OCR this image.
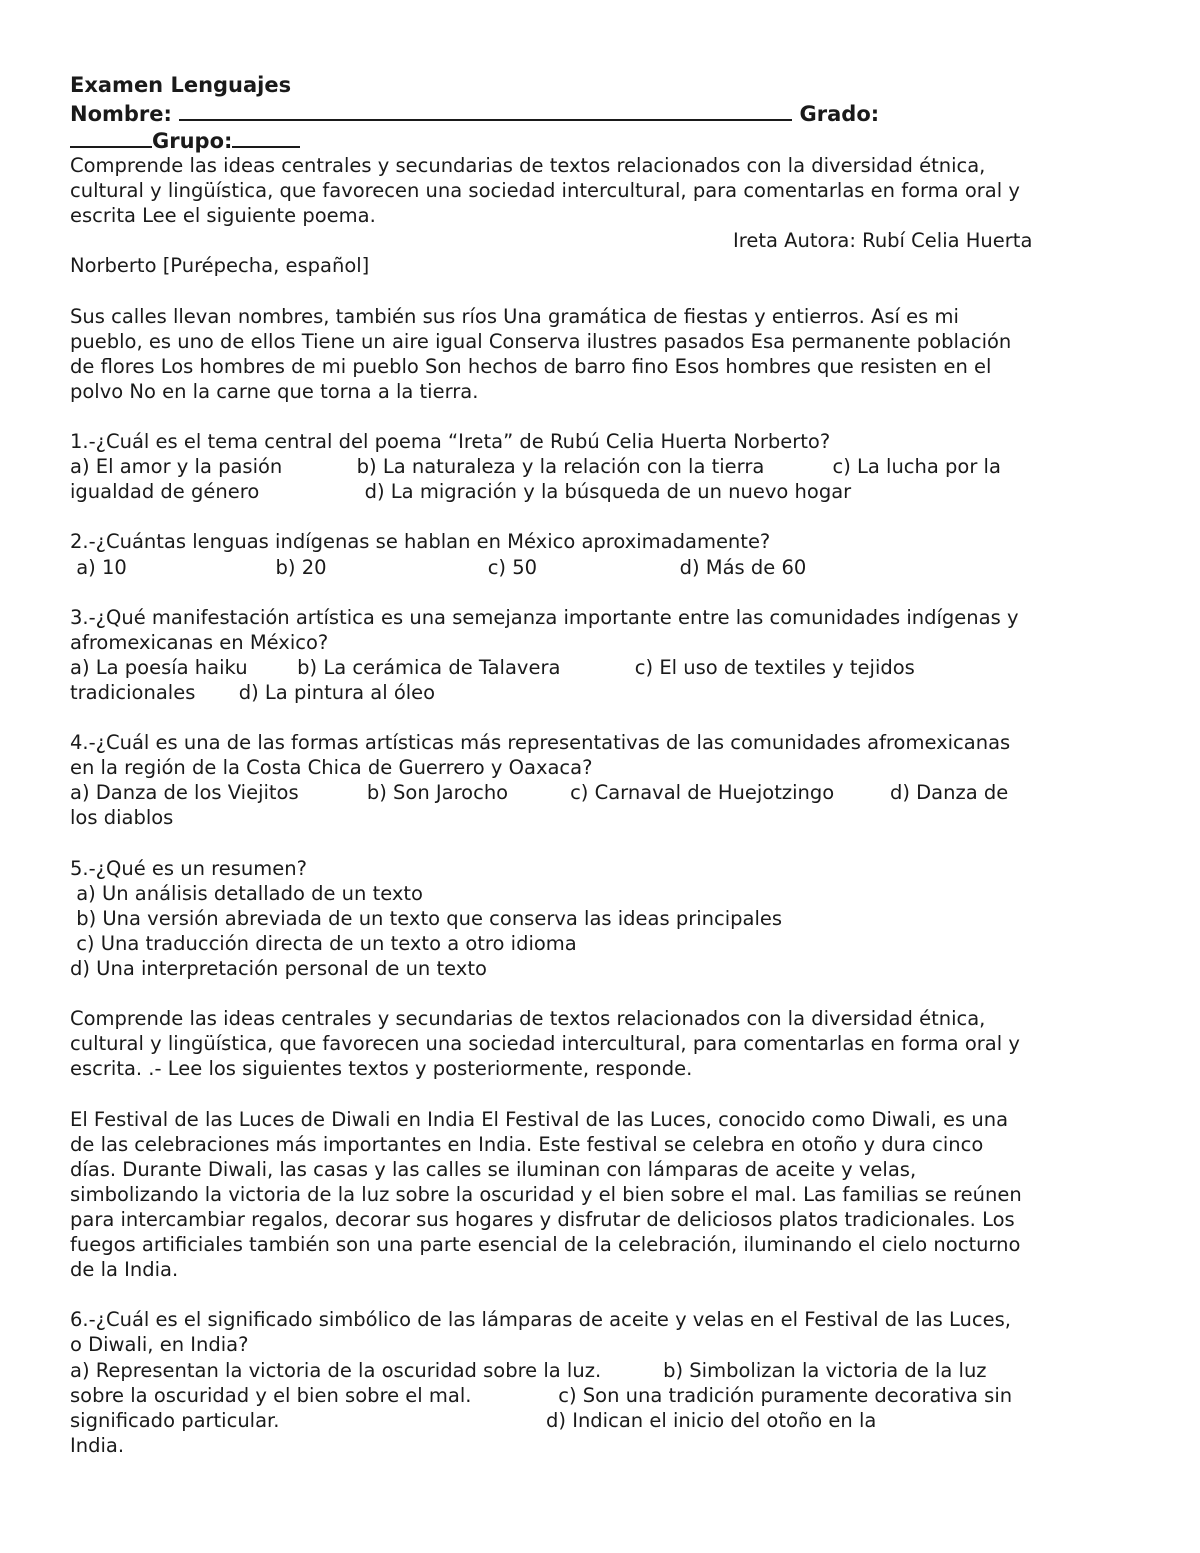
Examen Lenguajes
Nombre:	Grado:
Grupo:
Comprende las ideas centrales y secundarias de textos relacionados con la diversidad étnica,
cultural y lingüística, que favorecen una sociedad intercultural, para comentarlas en forma oral y
escrita Lee el siguiente poema.
Ireta Autora: Rubí Celia Huerta
Norberto [Purépecha, español]
Sus calles llevan nombres, también sus ríos Una gramática de fiestas y entierros. Así es mi
pueblo, es uno de ellos Tiene un aire igual Conserva ilustres pasados Esa permanente población
de flores Los hombres de mi pueblo Son hechos de barro fino Esos hombres que resisten en el
polvo No en la carne que torna a la tierra.
1.-¿Cuál es el tema central del poema “Ireta” de Rubú Celia Huerta Norberto?
a) El amor y la pasión            b) La naturaleza y la relación con la tierra           c) La lucha por la
igualdad de género                 d) La migración y la búsqueda de un nuevo hogar
2.-¿Cuántas lenguas indígenas se hablan en México aproximadamente?
a) 10                        b) 20                          c) 50                       d) Más de 60
3.-¿Qué manifestación artística es una semejanza importante entre las comunidades indígenas y
afromexicanas en México?
a) La poesía haiku        b) La cerámica de Talavera            c) El uso de textiles y tejidos
tradicionales       d) La pintura al óleo
4.-¿Cuál es una de las formas artísticas más representativas de las comunidades afromexicanas
en la región de la Costa Chica de Guerrero y Oaxaca?
a) Danza de los Viejitos           b) Son Jarocho          c) Carnaval de Huejotzingo         d) Danza de
los diablos
5.-¿Qué es un resumen?
a) Un análisis detallado de un texto
b) Una versión abreviada de un texto que conserva las ideas principales
c) Una traducción directa de un texto a otro idioma
d) Una interpretación personal de un texto
Comprende las ideas centrales y secundarias de textos relacionados con la diversidad étnica,
cultural y lingüística, que favorecen una sociedad intercultural, para comentarlas en forma oral y
escrita. .- Lee los siguientes textos y posteriormente, responde.
El Festival de las Luces de Diwali en India El Festival de las Luces, conocido como Diwali, es una
de las celebraciones más importantes en India. Este festival se celebra en otoño y dura cinco
días. Durante Diwali, las casas y las calles se iluminan con lámparas de aceite y velas,
simbolizando la victoria de la luz sobre la oscuridad y el bien sobre el mal. Las familias se reúnen
para intercambiar regalos, decorar sus hogares y disfrutar de deliciosos platos tradicionales. Los
fuegos artificiales también son una parte esencial de la celebración, iluminando el cielo nocturno
de la India.
6.-¿Cuál es el significado simbólico de las lámparas de aceite y velas en el Festival de las Luces,
o Diwali, en India?
a) Representan la victoria de la oscuridad sobre la luz.          b) Simbolizan la victoria de la luz
sobre la oscuridad y el bien sobre el mal.              c) Son una tradición puramente decorativa sin
significado particular.                                           d) Indican el inicio del otoño en la
India.
